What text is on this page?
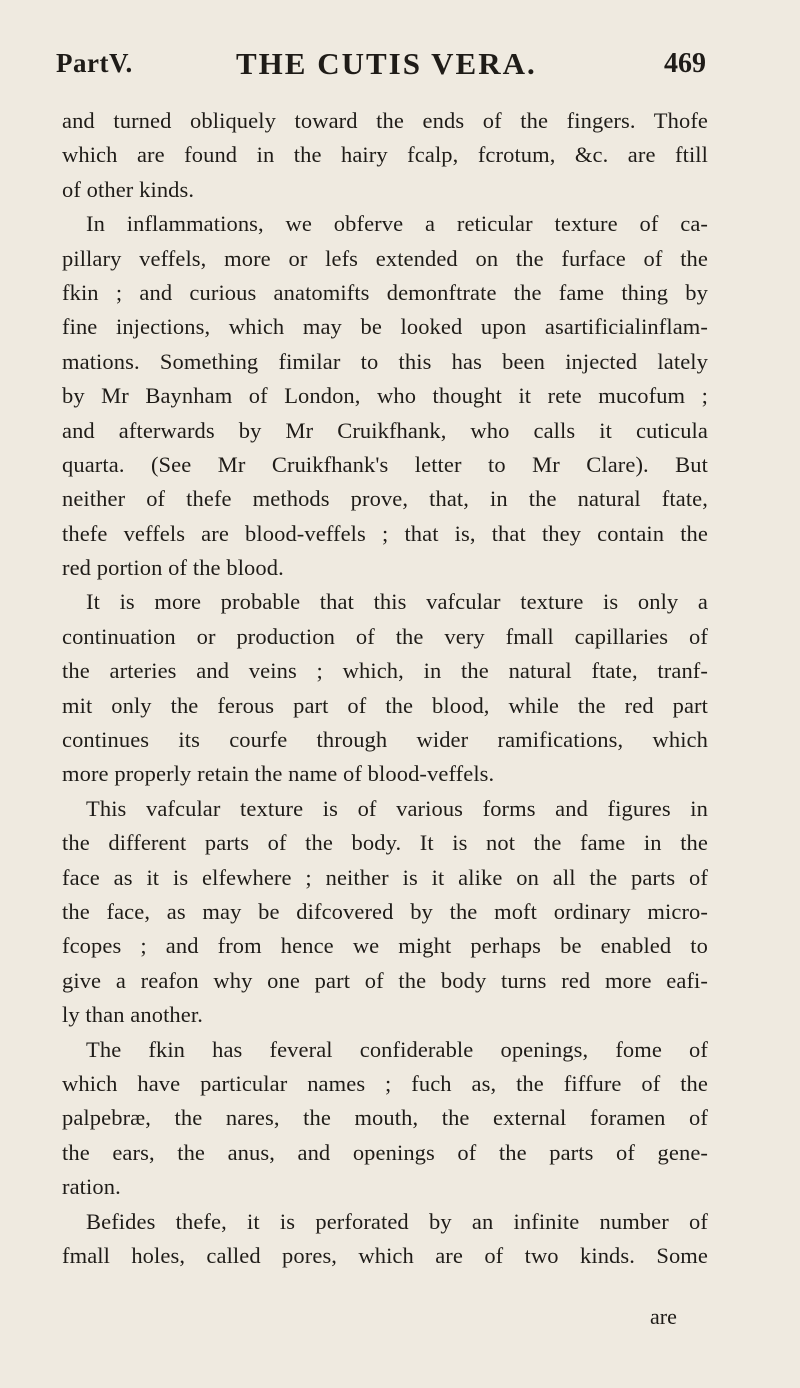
PartV.	THE CUTIS VERA.	469
and turned obliquely toward the ends of the fingers. Thofe
which are found in the hairy fcalp, fcrotum, &c. are ftill
of other kinds.
In inflammations, we obferve a reticular texture of ca-
pillary veffels, more or lefs extended on the furface of the
fkin ; and curious anatomifts demonftrate the fame thing by
fine injections, which may be looked upon asartificialinflam-
mations. Something fimilar to this has been injected lately
by Mr Baynham of London, who thought it rete mucofum ;
and afterwards by Mr Cruikfhank, who calls it cuticula
quarta. (See Mr Cruikfhank's letter to Mr Clare). But
neither of thefe methods prove, that, in the natural ftate,
thefe veffels are blood-veffels ; that is, that they contain the
red portion of the blood.
It is more probable that this vafcular texture is only a
continuation or production of the very fmall capillaries of
the arteries and veins ; which, in the natural ftate, tranf-
mit only the ferous part of the blood, while the red part
continues its courfe through wider ramifications, which
more properly retain the name of blood-veffels.
This vafcular texture is of various forms and figures in
the different parts of the body. It is not the fame in the
face as it is elfewhere ; neither is it alike on all the parts of
the face, as may be difcovered by the moft ordinary micro-
fcopes ; and from hence we might perhaps be enabled to
give a reafon why one part of the body turns red more eafi-
ly than another.
The fkin has feveral confiderable openings, fome of
which have particular names ; fuch as, the fiffure of the
palpebræ, the nares, the mouth, the external foramen of
the ears, the anus, and openings of the parts of gene-
ration.
Befides thefe, it is perforated by an infinite number of
fmall holes, called pores, which are of two kinds. Some
are
